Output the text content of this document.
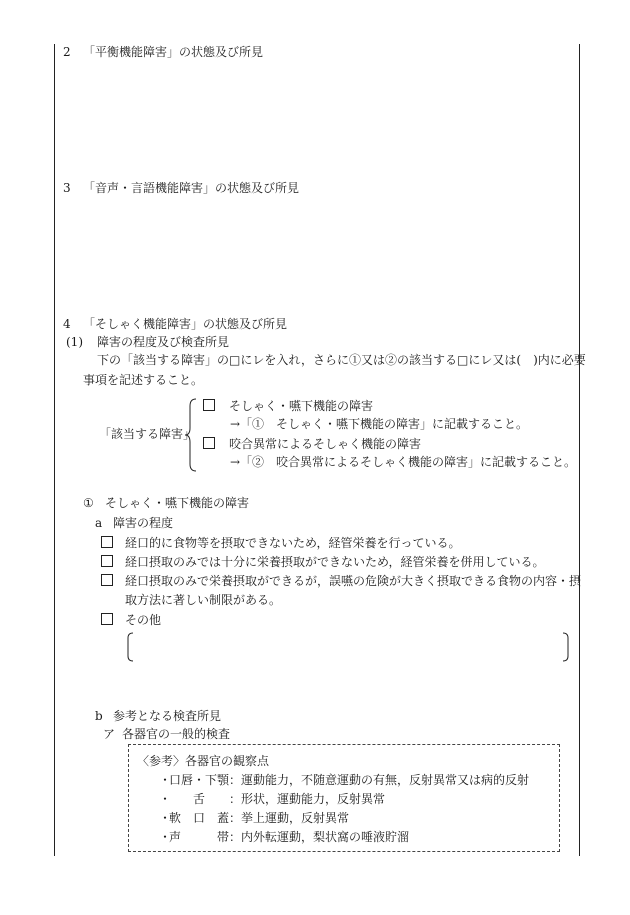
2 「平衡機能障害」の状態及び所見
3 「音声・言語機能障害」の状態及び所見
4 「そしゃく機能障害」の状態及び所見
(1) 障害の程度及び検査所見
下の「該当する障害」の□にレを入れ，さらに①又は②の該当する□にレ又は(　)内に必要
事項を記述すること。
「該当する障害」
そしゃく・嚥下機能の障害
→「①　そしゃく・嚥下機能の障害」に記載すること。
咬合異常によるそしゃく機能の障害
→「②　咬合異常によるそしゃく機能の障害」に記載すること。
① そしゃく・嚥下機能の障害
a 障害の程度
経口的に食物等を摂取できないため，経管栄養を行っている。
経口摂取のみでは十分に栄養摂取ができないため，経管栄養を併用している。
経口摂取のみで栄養摂取ができるが，誤嚥の危険が大きく摂取できる食物の内容・摂
取方法に著しい制限がある。
その他
b 参考となる検査所見
ア 各器官の一般的検査
〈参考〉各器官の観察点
・
口唇・下顎 ：運動能力，不随意運動の有無，反射異常又は病的反射
・ 舌 ：形状，運動能力，反射異常
・
軟　口　蓋 ：挙上運動，反射異常
・
声　　　帯 ：内外転運動，梨状窩の唾液貯溜
